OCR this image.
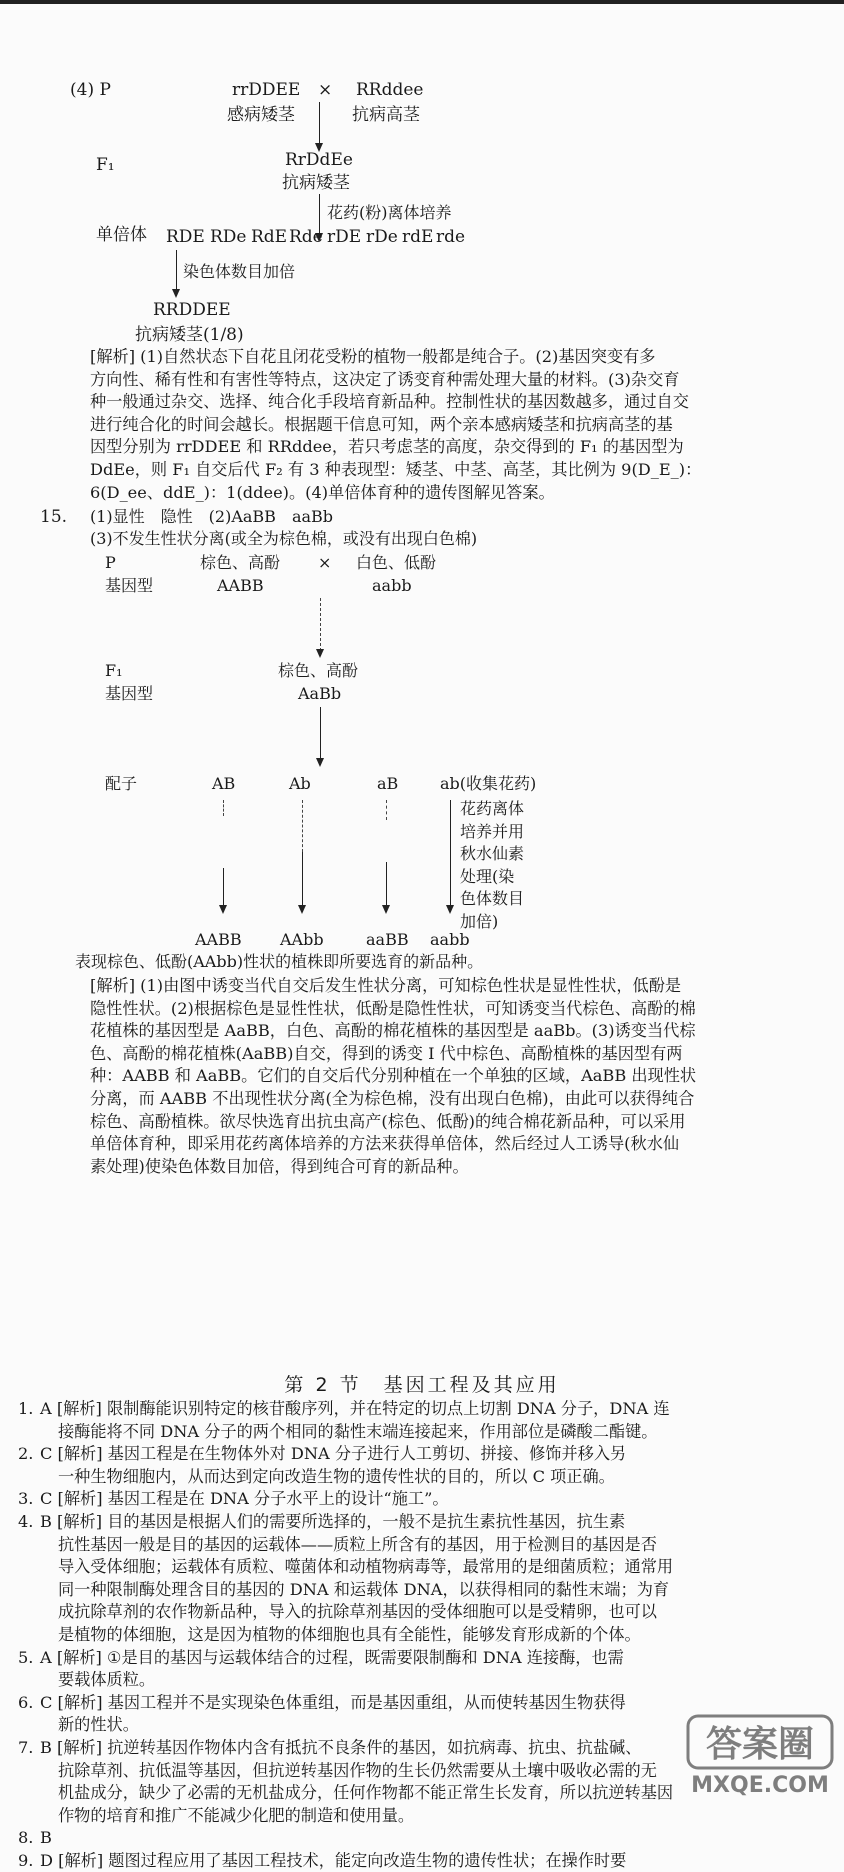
(4) P	rrDDEE × RRddee
感病矮茎	抗病高茎
F₁	RrDdEe
抗病矮茎
花药(粉)离体培养
单倍体 RDE RDe RdE Rde rDE rDe rdE rde
染色体数目加倍
RRDDEE
抗病矮茎(1/8)
[解析] (1)自然状态下自花且闭花受粉的植物一般都是纯合子。(2)基因突变有多
方向性、稀有性和有害性等特点，这决定了诱变育种需处理大量的材料。(3)杂交育
种一般通过杂交、选择、纯合化手段培育新品种。控制性状的基因数越多，通过自交
进行纯合化的时间会越长。根据题干信息可知，两个亲本感病矮茎和抗病高茎的基
因型分别为 rrDDEE 和 RRddee，若只考虑茎的高度，杂交得到的 F₁ 的基因型为
DdEe，则 F₁ 自交后代 F₂ 有 3 种表现型：矮茎、中茎、高茎，其比例为 9(D_E_)：
6(D_ee、ddE_)：1(ddee)。(4)单倍体育种的遗传图解见答案。
15. (1)显性　隐性　(2)AaBB　aaBb
(3)不发生性状分离(或全为棕色棉，或没有出现白色棉)
P	棕色、高酚 × 白色、低酚
基因型	AABB	aabb
F₁	棕色、高酚
基因型	AaBb
配子	AB	Ab	aB	ab(收集花药)
花药离体
培养并用
秋水仙素
处理(染
色体数目
加倍)
AABB AAbb	aaBB aabb
表现棕色、低酚(AAbb)性状的植株即所要选育的新品种。
[解析] (1)由图中诱变当代自交后发生性状分离，可知棕色性状是显性性状，低酚是
隐性性状。(2)根据棕色是显性性状，低酚是隐性性状，可知诱变当代棕色、高酚的棉
花植株的基因型是 AaBB，白色、高酚的棉花植株的基因型是 aaBb。(3)诱变当代棕
色、高酚的棉花植株(AaBB)自交，得到的诱变 I 代中棕色、高酚植株的基因型有两
种：AABB 和 AaBB。它们的自交后代分别种植在一个单独的区域，AaBB 出现性状
分离，而 AABB 不出现性状分离(全为棕色棉，没有出现白色棉)，由此可以获得纯合
棕色、高酚植株。欲尽快选育出抗虫高产(棕色、低酚)的纯合棉花新品种，可以采用
单倍体育种，即采用花药离体培养的方法来获得单倍体，然后经过人工诱导(秋水仙
素处理)使染色体数目加倍，得到纯合可育的新品种。
第 2 节　基因工程及其应用
1. A [解析] 限制酶能识别特定的核苷酸序列，并在特定的切点上切割 DNA 分子，DNA 连
接酶能将不同 DNA 分子的两个相同的黏性末端连接起来，作用部位是磷酸二酯键。
2. C [解析] 基因工程是在生物体外对 DNA 分子进行人工剪切、拼接、修饰并移入另
一种生物细胞内，从而达到定向改造生物的遗传性状的目的，所以 C 项正确。
3. C [解析] 基因工程是在 DNA 分子水平上的设计“施工”。
4. B [解析] 目的基因是根据人们的需要所选择的，一般不是抗生素抗性基因，抗生素
抗性基因一般是目的基因的运载体——质粒上所含有的基因，用于检测目的基因是否
导入受体细胞；运载体有质粒、噬菌体和动植物病毒等，最常用的是细菌质粒；通常用
同一种限制酶处理含目的基因的 DNA 和运载体 DNA，以获得相同的黏性末端；为育
成抗除草剂的农作物新品种，导入的抗除草剂基因的受体细胞可以是受精卵，也可以
是植物的体细胞，这是因为植物的体细胞也具有全能性，能够发育形成新的个体。
5. A [解析] ①是目的基因与运载体结合的过程，既需要限制酶和 DNA 连接酶，也需
要载体质粒。
6. C [解析] 基因工程并不是实现染色体重组，而是基因重组，从而使转基因生物获得
新的性状。
7. B [解析] 抗逆转基因作物体内含有抵抗不良条件的基因，如抗病毒、抗虫、抗盐碱、
抗除草剂、抗低温等基因，但抗逆转基因作物的生长仍然需要从土壤中吸收必需的无
机盐成分，缺少了必需的无机盐成分，任何作物都不能正常生长发育，所以抗逆转基因
作物的培育和推广不能减少化肥的制造和使用量。
8. B
9. D [解析] 题图过程应用了基因工程技术，能定向改造生物的遗传性状；在操作时要
答案圈
MXQE.COM
